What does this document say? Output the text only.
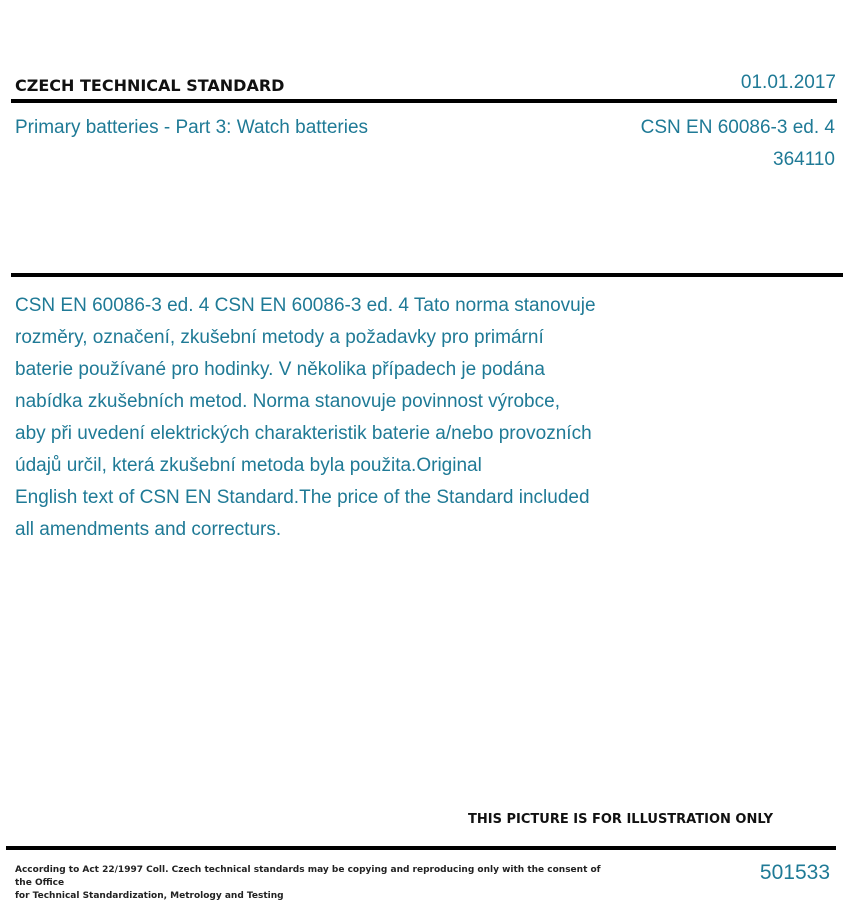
CZECH TECHNICAL STANDARD	01.01.2017
Primary batteries - Part 3: Watch batteries	CSN EN 60086-3 ed. 4
364110
CSN EN 60086-3 ed. 4 CSN EN 60086-3 ed. 4 Tato norma stanovuje
rozměry, označení, zkušební metody a požadavky pro primární
baterie používané pro hodinky. V několika případech je podána
nabídka zkušebních metod. Norma stanovuje povinnost výrobce,
aby při uvedení elektrických charakteristik baterie a/nebo provozních
údajů určil, která zkušební metoda byla použita.Original
English text of CSN EN Standard.The price of the Standard included
all amendments and correcturs.
THIS PICTURE IS FOR ILLUSTRATION ONLY
According to Act 22/1997 Coll. Czech technical standards may be copying and reproducing only with the consent of the Office
for Technical Standardization, Metrology and Testing
501533
